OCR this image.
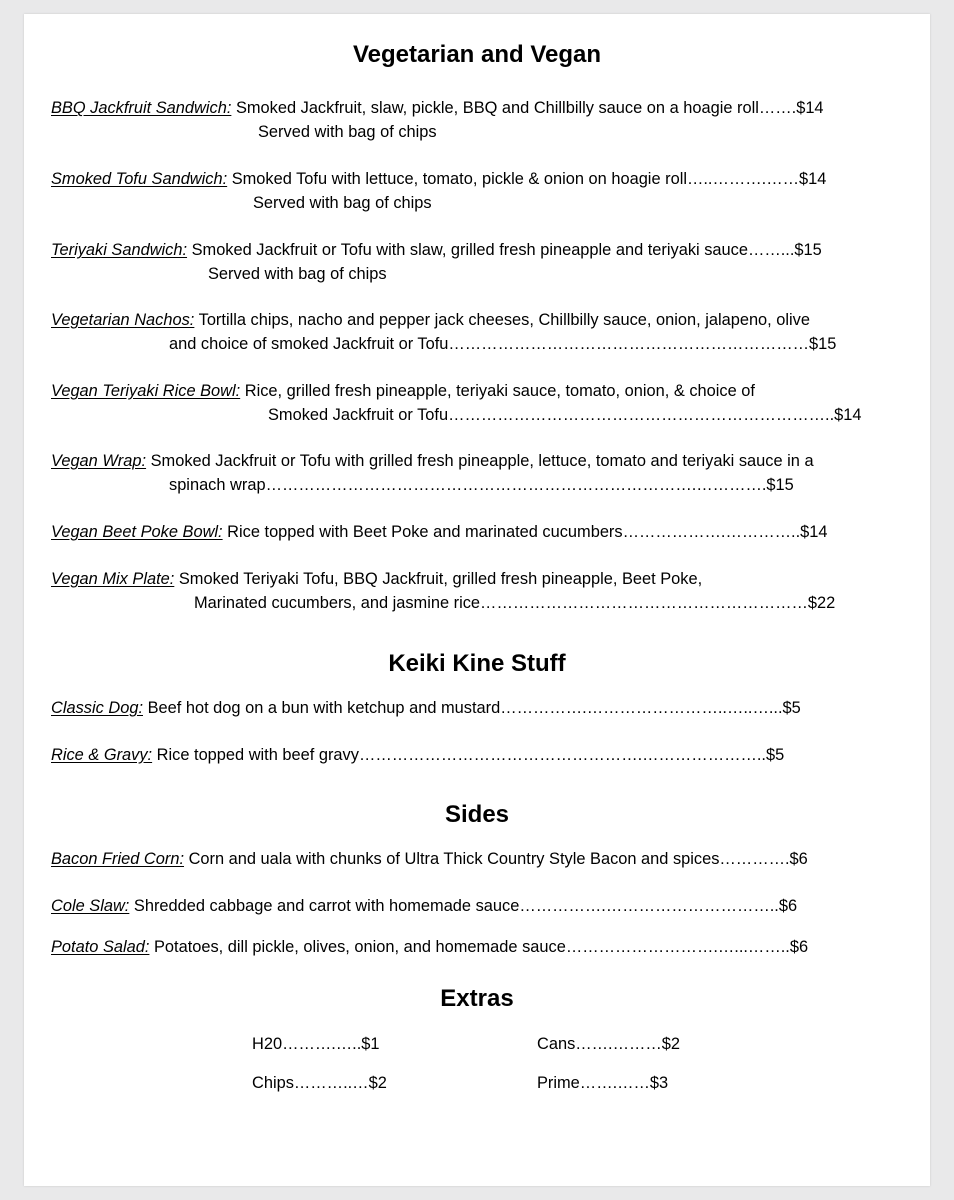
Vegetarian and Vegan
BBQ Jackfruit Sandwich: Smoked Jackfruit, slaw, pickle, BBQ and Chillbilly sauce on a hoagie roll…….$14
Served with bag of chips
Smoked Tofu Sandwich: Smoked Tofu with lettuce, tomato, pickle & onion on hoagie roll…..……….……$14
Served with bag of chips
Teriyaki Sandwich: Smoked Jackfruit or Tofu with slaw, grilled fresh pineapple and teriyaki sauce……...$15
Served with bag of chips
Vegetarian Nachos: Tortilla chips, nacho and pepper jack cheeses, Chillbilly sauce, onion, jalapeno, olive
and choice of smoked Jackfruit or Tofu…………………………………………………………$15
Vegan Teriyaki Rice Bowl: Rice, grilled fresh pineapple, teriyaki sauce, tomato, onion, & choice of
Smoked Jackfruit or Tofu……………………………………………………………..$14
Vegan Wrap: Smoked Jackfruit or Tofu with grilled fresh pineapple, lettuce, tomato and teriyaki sauce in a
spinach wrap…………………………………………………………………….………….$15
Vegan Beet Poke Bowl: Rice topped with Beet Poke and marinated cucumbers……………….…………..$14
Vegan Mix Plate: Smoked Teriyaki Tofu, BBQ Jackfruit, grilled fresh pineapple, Beet Poke,
Marinated cucumbers, and jasmine rice……………………………………………………$22
Keiki Kine Stuff
Classic Dog: Beef hot dog on a bun with ketchup and mustard…………….……………………..…..…...$5
Rice & Gravy: Rice topped with beef gravy…………………………………………….…………………..$5
Sides
Bacon Fried Corn: Corn and uala with chunks of Ultra Thick Country Style Bacon and spices………….$6
Cole Slaw: Shredded cabbage and carrot with homemade sauce…………….…………………………..$6
Potato Salad: Potatoes, dill pickle, olives, onion, and homemade sauce……………………….…...……..$6
Extras
H20……….…..$1	Cans…….………$2
Chips………..…$2	Prime…….……$3
